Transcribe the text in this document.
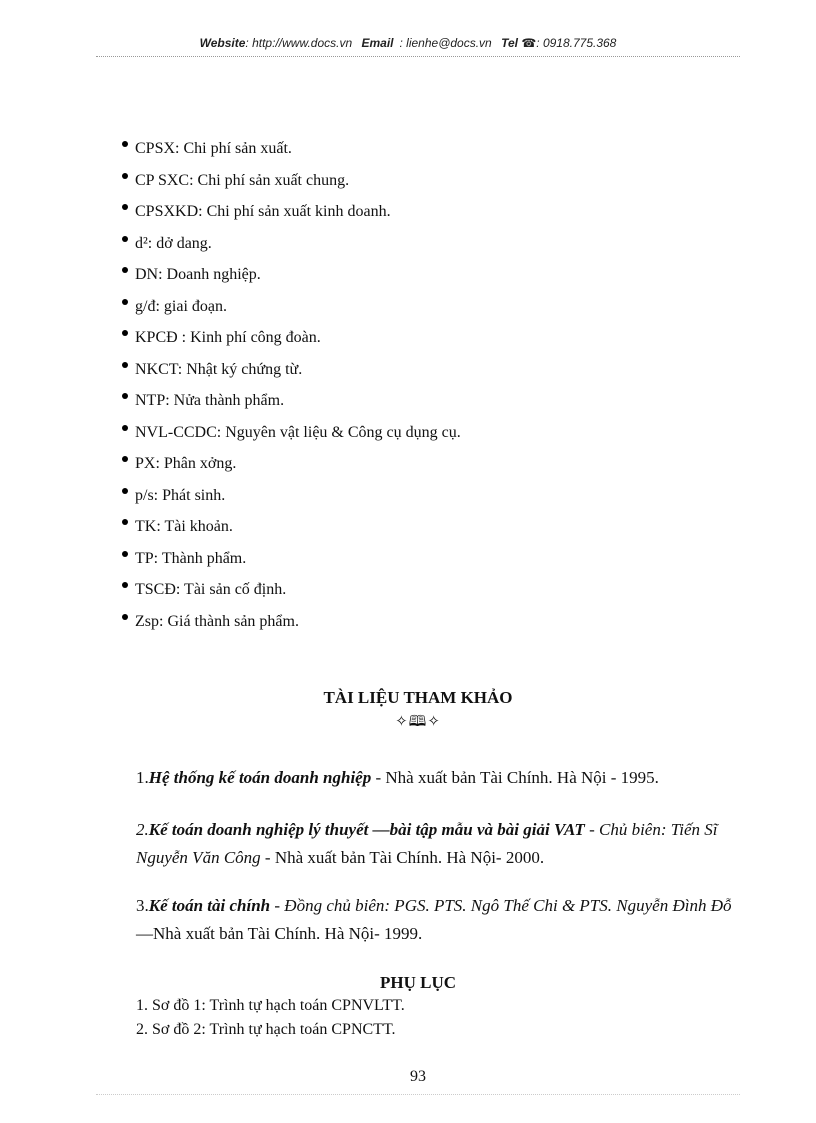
Website: http://www.docs.vn Email : lienhe@docs.vn Tel ☎: 0918.775.368
CPSX: Chi phí sản xuất.
CP SXC: Chi phí sản xuất chung.
CPSXKD: Chi phí sản xuất kinh doanh.
d²: dở dang.
DN: Doanh nghiệp.
g/đ: giai đoạn.
KPCĐ : Kinh phí công đoàn.
NKCT: Nhật ký chứng từ.
NTP: Nửa thành phẩm.
NVL-CCDC: Nguyên vật liệu & Công cụ dụng cụ.
PX: Phân xởng.
p/s: Phát sinh.
TK: Tài khoản.
TP: Thành phẩm.
TSCĐ: Tài sản cố định.
Zsp: Giá thành sản phẩm.
TÀI LIỆU THAM KHẢO
✧🕮✧
1.Hệ thống kế toán doanh nghiệp - Nhà xuất bản Tài Chính. Hà Nội - 1995.
2.Kế toán doanh nghiệp lý thuyết —bài tập mẫu và bài giải VAT - Chủ biên: Tiến Sĩ Nguyễn Văn Công - Nhà xuất bản Tài Chính. Hà Nội- 2000.
3.Kế toán tài chính - Đồng chủ biên: PGS. PTS. Ngô Thế Chi & PTS. Nguyễn Đình Đỗ —Nhà xuất bản Tài Chính. Hà Nội- 1999.
PHỤ LỤC
1. Sơ đồ 1: Trình tự hạch toán CPNVLTT.
2. Sơ đồ 2: Trình tự hạch toán CPNCTT.
93
